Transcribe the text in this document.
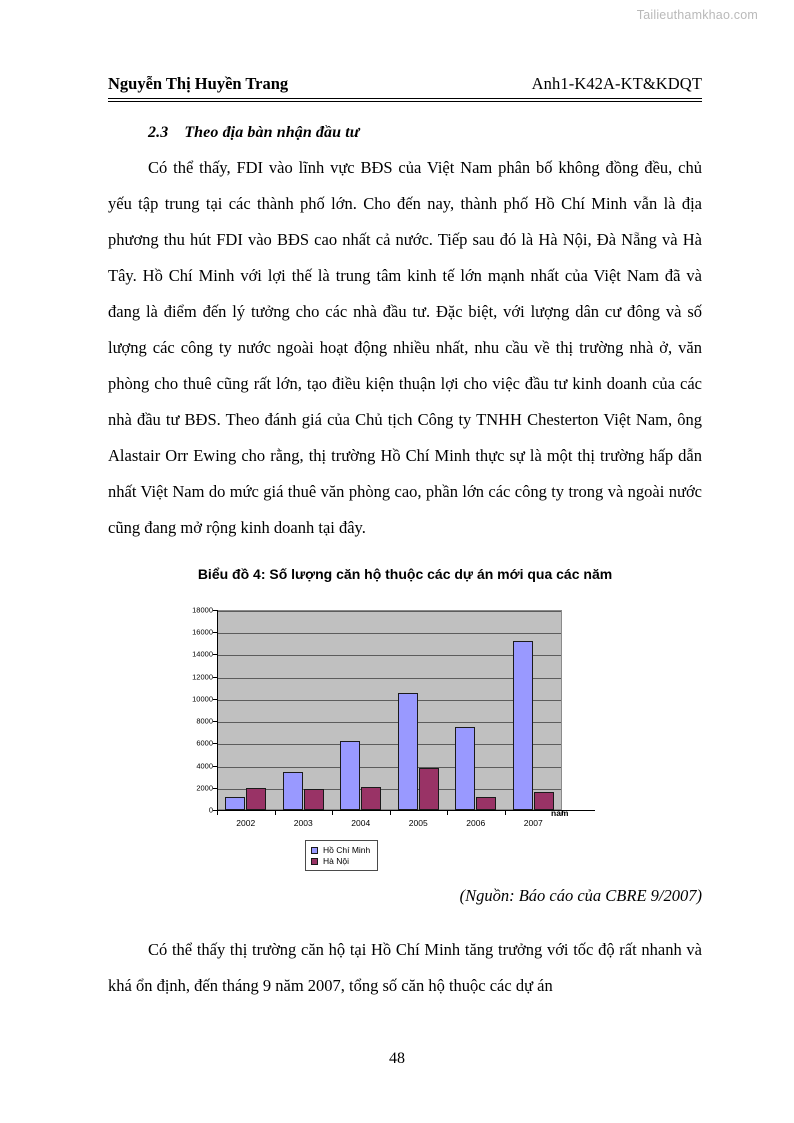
Tailieuthamkhao.com
Nguyễn Thị Huyền Trang	Anh1-K42A-KT&KDQT
2.3 Theo địa bàn nhận đầu tư

Có thể thấy, FDI vào lĩnh vực BĐS của Việt Nam phân bố không đồng đều, chủ yếu tập trung tại các thành phố lớn. Cho đến nay, thành phố Hồ Chí Minh vẫn là địa phương thu hút FDI vào BĐS cao nhất cả nước. Tiếp sau đó là Hà Nội, Đà Nẵng và Hà Tây. Hồ Chí Minh với lợi thế là trung tâm kinh tế lớn mạnh nhất của Việt Nam đã và đang là điểm đến lý tưởng cho các nhà đầu tư. Đặc biệt, với lượng dân cư đông và số lượng các công ty nước ngoài hoạt động nhiều nhất, nhu cầu về thị trường nhà ở, văn phòng cho thuê cũng rất lớn, tạo điều kiện thuận lợi cho việc đầu tư kinh doanh của các nhà đầu tư BĐS. Theo đánh giá của Chủ tịch Công ty TNHH Chesterton Việt Nam, ông Alastair Orr Ewing cho rằng, thị trường Hồ Chí Minh thực sự là một thị trường hấp dẫn nhất Việt Nam do mức giá thuê văn phòng cao, phần lớn các công ty trong và ngoài nước cũng đang mở rộng kinh doanh tại đây.

Biểu đồ 4: Số lượng căn hộ thuộc các dự án mới qua các năm

0
2000
4000
6000
8000
10000
12000
14000
16000
18000
2002	2003	2004	2005	2006	2007
năm
Hồ Chí Minh
Hà Nội

(Nguồn: Báo cáo của CBRE 9/2007)

Có thể thấy thị trường căn hộ tại Hồ Chí Minh tăng trưởng với tốc độ rất nhanh và khá ổn định, đến tháng 9 năm 2007, tổng số căn hộ thuộc các dự án

48
